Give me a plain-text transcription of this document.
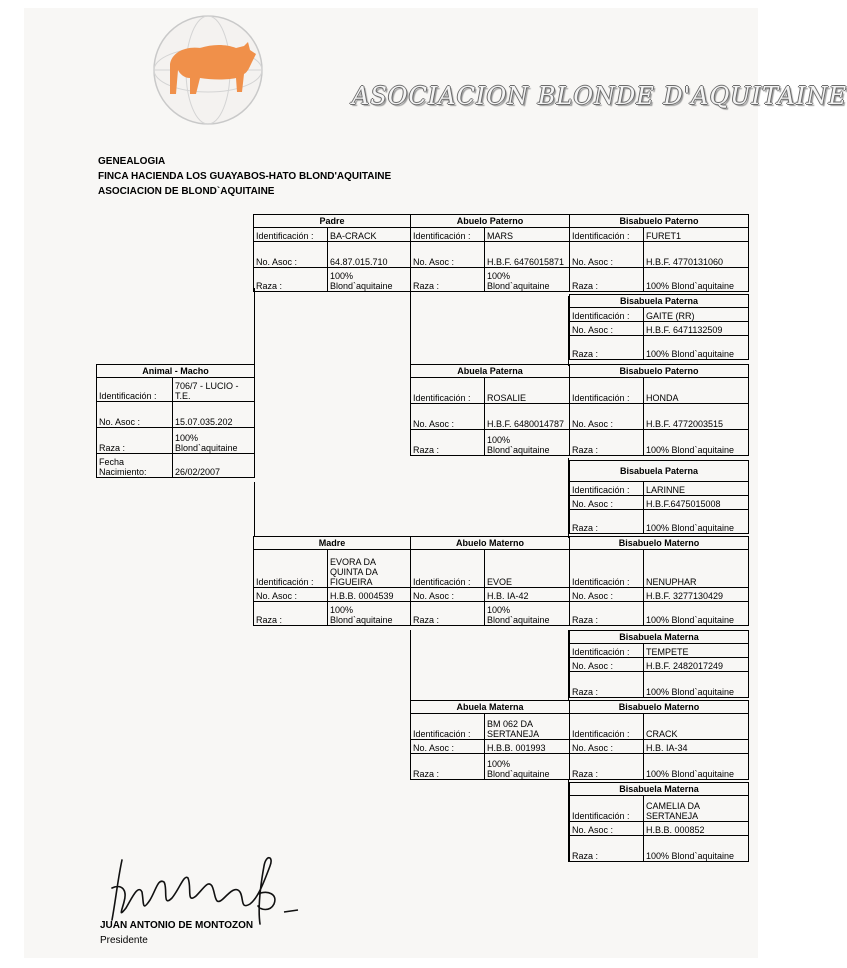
ASOCIACION BLONDE D'AQUITAINE
GENEALOGIA
FINCA HACIENDA LOS GUAYABOS-HATO BLOND'AQUITAINE
ASOCIACION DE BLOND`AQUITAINE
Animal - Macho	
Identificación :	706/7 - LUCIO - T.E.
No. Asoc :	15.07.035.202
Raza :	100% Blond`aquitaine
Fecha Nacimiento:	26/02/2007
Padre	
Identificación :	BA-CRACK
No. Asoc :	64.87.015.710
Raza :	100% Blond`aquitaine
Abuelo Paterno	
Identificación :	MARS
No. Asoc :	H.B.F. 6476015871
Raza :	100% Blond`aquitaine
Bisabuelo Paterno	
Identificación :	FURET1
No. Asoc :	H.B.F. 4770131060
Raza :	100% Blond`aquitaine
Bisabuela Paterna	
Identificación :	GAITE (RR)
No. Asoc :	H.B.F. 6471132509
Raza :	100% Blond`aquitaine
Abuela Paterna	
Identificación :	ROSALIE
No. Asoc :	H.B.F. 6480014787
Raza :	100% Blond`aquitaine
Bisabuelo Paterno	
Identificación :	HONDA
No. Asoc :	H.B.F. 4772003515
Raza :	100% Blond`aquitaine
Bisabuela Paterna	
Identificación :	LARINNE
No. Asoc :	H.B.F.6475015008
Raza :	100% Blond`aquitaine
Madre	
Identificación :	EVORA DA QUINTA DA FIGUEIRA
No. Asoc :	H.B.B. 0004539
Raza :	100% Blond`aquitaine
Abuelo Materno	
Identificación :	EVOE
No. Asoc :	H.B. IA-42
Raza :	100% Blond`aquitaine
Bisabuelo Materno	
Identificación :	NENUPHAR
No. Asoc :	H.B.F. 3277130429
Raza :	100% Blond`aquitaine
Bisabuela Materna	
Identificación :	TEMPETE
No. Asoc :	H.B.F. 2482017249
Raza :	100% Blond`aquitaine
Abuela Materna	
Identificación :	BM 062 DA SERTANEJA
No. Asoc :	H.B.B. 001993
Raza :	100% Blond`aquitaine
Bisabuelo Materno	
Identificación :	CRACK
No. Asoc :	H.B. IA-34
Raza :	100% Blond`aquitaine
Bisabuela Materna	
Identificación :	CAMELIA DA SERTANEJA
No. Asoc :	H.B.B. 000852
Raza :	100% Blond`aquitaine
JUAN ANTONIO DE MONTOZON
Presidente
